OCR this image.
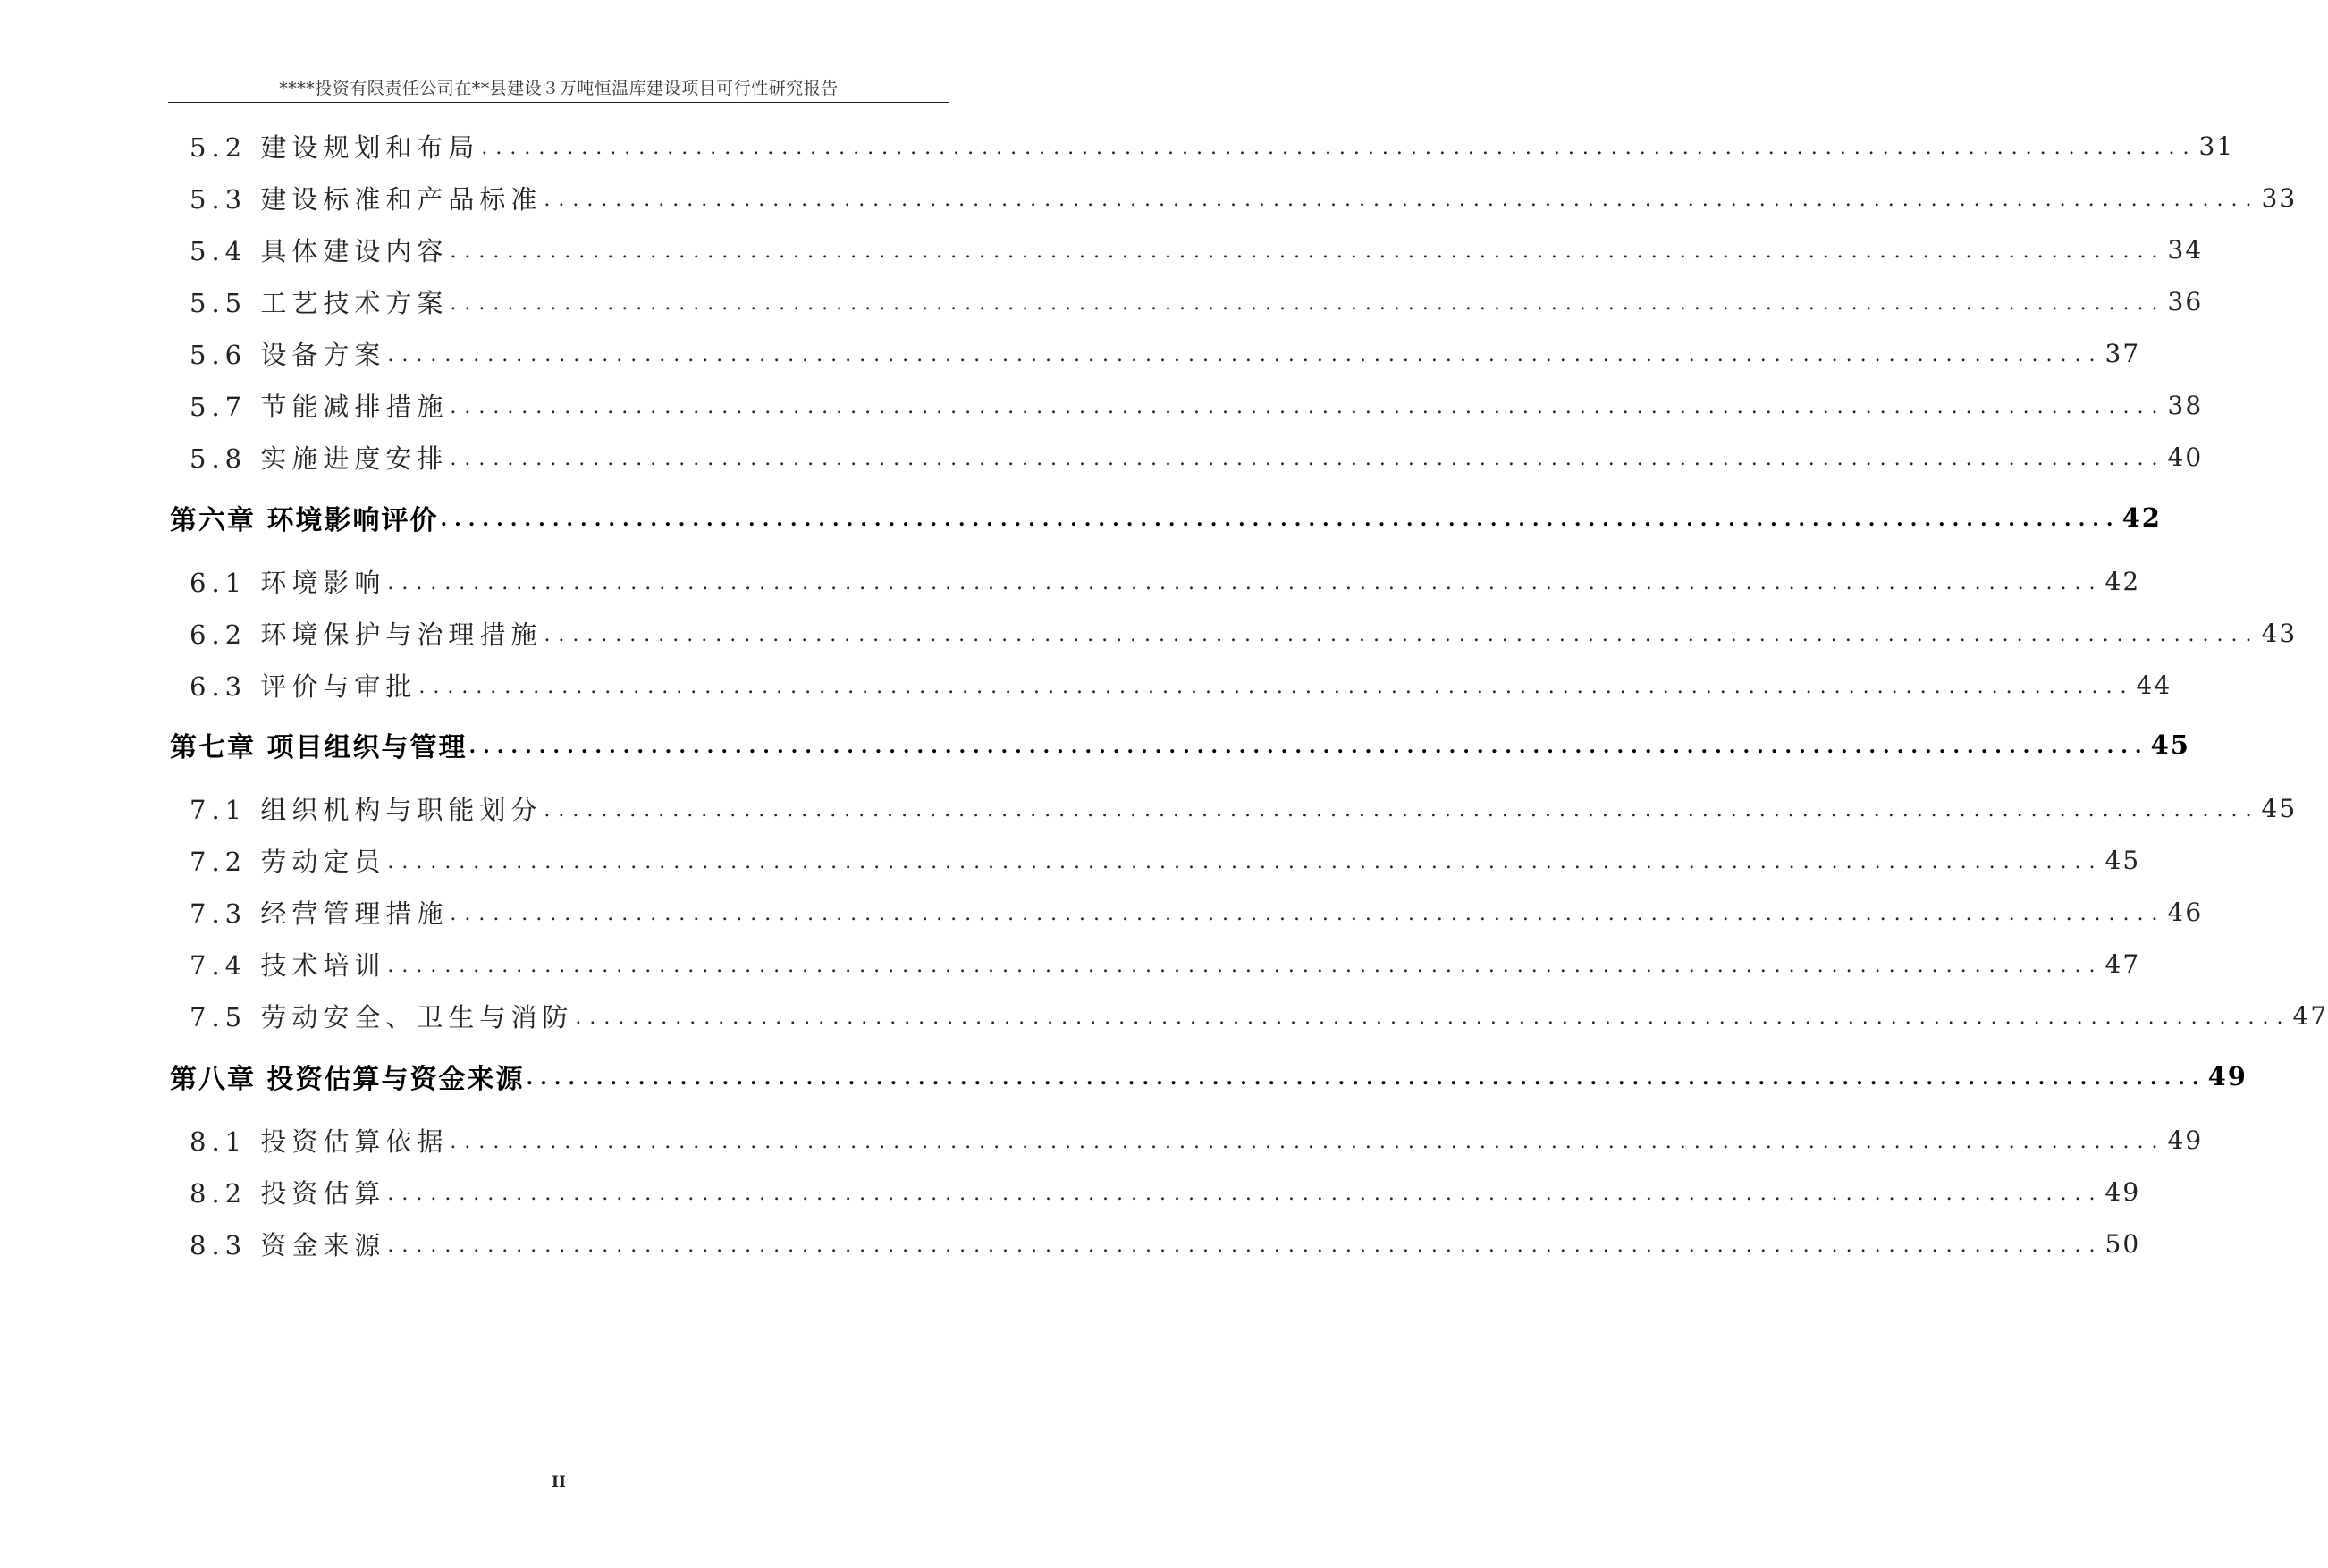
****投资有限责任公司在**县建设３万吨恒温库建设项目可行性研究报告
5.2 建设规划和布局 ........................................................................................................................ 31
5.3 建设标准和产品标准 ........................................................................................................................ 33
5.4 具体建设内容 ........................................................................................................................ 34
5.5 工艺技术方案 ........................................................................................................................ 36
5.6 设备方案 ........................................................................................................................ 37
5.7 节能减排措施 ........................................................................................................................ 38
5.8 实施进度安排 ........................................................................................................................ 40
第六章 环境影响评价 ........................................................................................................................ 42
6.1 环境影响 ........................................................................................................................ 42
6.2 环境保护与治理措施 ........................................................................................................................ 43
6.3 评价与审批 ........................................................................................................................ 44
第七章 项目组织与管理 ........................................................................................................................ 45
7.1 组织机构与职能划分 ........................................................................................................................ 45
7.2 劳动定员 ........................................................................................................................ 45
7.3 经营管理措施 ........................................................................................................................ 46
7.4 技术培训 ........................................................................................................................ 47
7.5 劳动安全、卫生与消防 ........................................................................................................................ 47
第八章 投资估算与资金来源 ........................................................................................................................ 49
8.1 投资估算依据 ........................................................................................................................ 49
8.2 投资估算 ........................................................................................................................ 49
8.3 资金来源 ........................................................................................................................ 50
II
